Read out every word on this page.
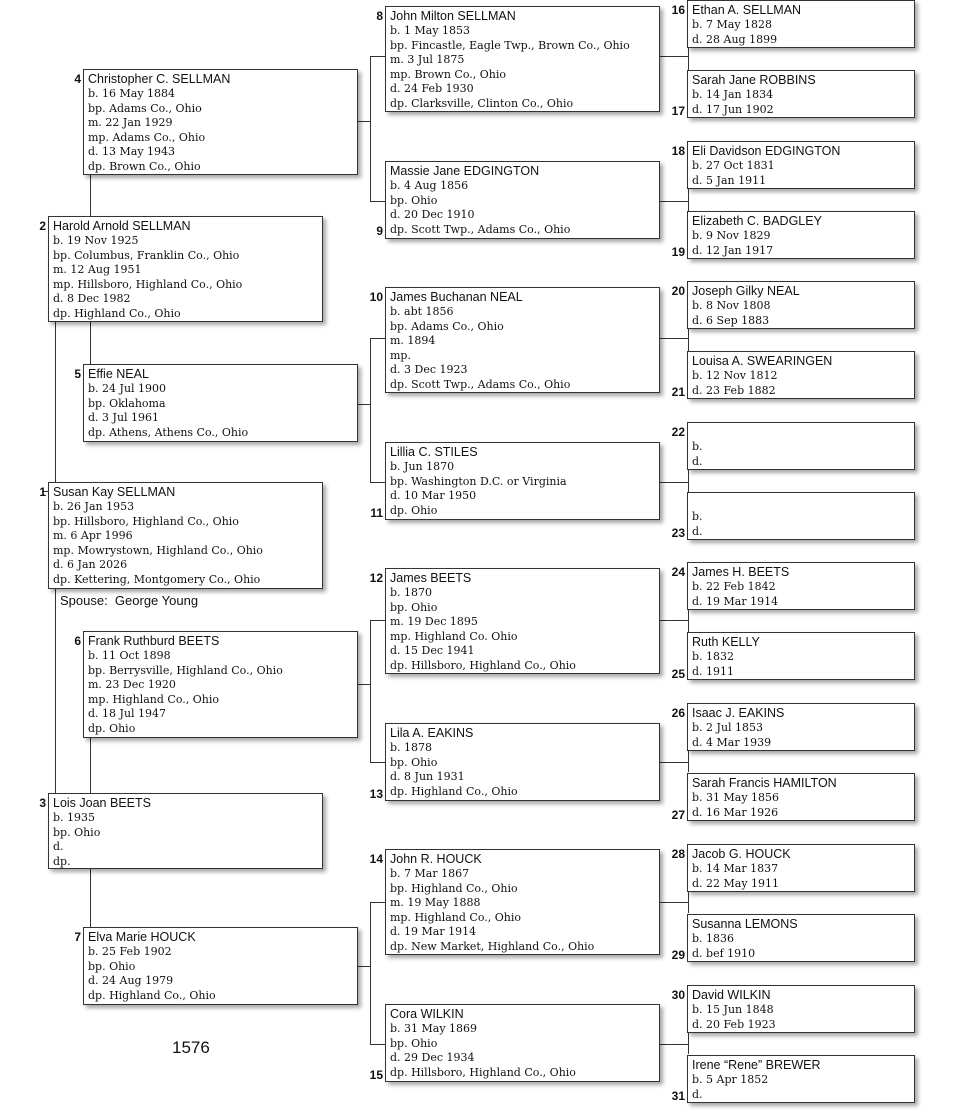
1 Susan Kay SELLMAN
b. 26 Jan 1953
bp. Hillsboro, Highland Co., Ohio
m. 6 Apr 1996
mp. Mowrystown, Highland Co., Ohio
d. 6 Jan 2026
dp. Kettering, Montgomery Co., Ohio
Spouse:  George Young
2 Harold Arnold SELLMAN
b. 19 Nov 1925
bp. Columbus, Franklin Co., Ohio
m. 12 Aug 1951
mp. Hillsboro, Highland Co., Ohio
d. 8 Dec 1982
dp. Highland Co., Ohio
3 Lois Joan BEETS
b. 1935
bp. Ohio
d.
dp.
4 Christopher C. SELLMAN
b. 16 May 1884
bp. Adams Co., Ohio
m. 22 Jan 1929
mp. Adams Co., Ohio
d. 13 May 1943
dp. Brown Co., Ohio
5 Effie NEAL
b. 24 Jul 1900
bp. Oklahoma
d. 3 Jul 1961
dp. Athens, Athens Co., Ohio
6 Frank Ruthburd BEETS
b. 11 Oct 1898
bp. Berrysville, Highland Co., Ohio
m. 23 Dec 1920
mp. Highland Co., Ohio
d. 18 Jul 1947
dp. Ohio
7 Elva Marie HOUCK
b. 25 Feb 1902
bp. Ohio
d. 24 Aug 1979
dp. Highland Co., Ohio
8 John Milton SELLMAN
b. 1 May 1853
bp. Fincastle, Eagle Twp., Brown Co., Ohio
m. 3 Jul 1875
mp. Brown Co., Ohio
d. 24 Feb 1930
dp. Clarksville, Clinton Co., Ohio
9
Massie Jane EDGINGTON
b. 4 Aug 1856
bp. Ohio
d. 20 Dec 1910
dp. Scott Twp., Adams Co., Ohio
10 James Buchanan NEAL
b. abt 1856
bp. Adams Co., Ohio
m. 1894
mp.
d. 3 Dec 1923
dp. Scott Twp., Adams Co., Ohio
11
Lillia C. STILES
b. Jun 1870
bp. Washington D.C. or Virginia
d. 10 Mar 1950
dp. Ohio
12 James BEETS
b. 1870
bp. Ohio
m. 19 Dec 1895
mp. Highland Co. Ohio
d. 15 Dec 1941
dp. Hillsboro, Highland Co., Ohio
13
Lila A. EAKINS
b. 1878
bp. Ohio
d. 8 Jun 1931
dp. Highland Co., Ohio
14 John R. HOUCK
b. 7 Mar 1867
bp. Highland Co., Ohio
m. 19 May 1888
mp. Highland Co., Ohio
d. 19 Mar 1914
dp. New Market, Highland Co., Ohio
15
Cora WILKIN
b. 31 May 1869
bp. Ohio
d. 29 Dec 1934
dp. Hillsboro, Highland Co., Ohio
16 Ethan A. SELLMAN
b. 7 May 1828
d. 28 Aug 1899
17
Sarah Jane ROBBINS
b. 14 Jan 1834
d. 17 Jun 1902
18 Eli Davidson EDGINGTON
b. 27 Oct 1831
d. 5 Jan 1911
19
Elizabeth C. BADGLEY
b. 9 Nov 1829
d. 12 Jan 1917
20 Joseph Gilky NEAL
b. 8 Nov 1808
d. 6 Sep 1883
21
Louisa A. SWEARINGEN
b. 12 Nov 1812
d. 23 Feb 1882
22
b.
d.
23
b.
d.
24 James H. BEETS
b. 22 Feb 1842
d. 19 Mar 1914
25
Ruth KELLY
b. 1832
d. 1911
26 Isaac J. EAKINS
b. 2 Jul 1853
d. 4 Mar 1939
27
Sarah Francis HAMILTON
b. 31 May 1856
d. 16 Mar 1926
28 Jacob G. HOUCK
b. 14 Mar 1837
d. 22 May 1911
29
Susanna LEMONS
b. 1836
d. bef 1910
30 David WILKIN
b. 15 Jun 1848
d. 20 Feb 1923
31
Irene “Rene” BREWER
b. 5 Apr 1852
d.
1576
